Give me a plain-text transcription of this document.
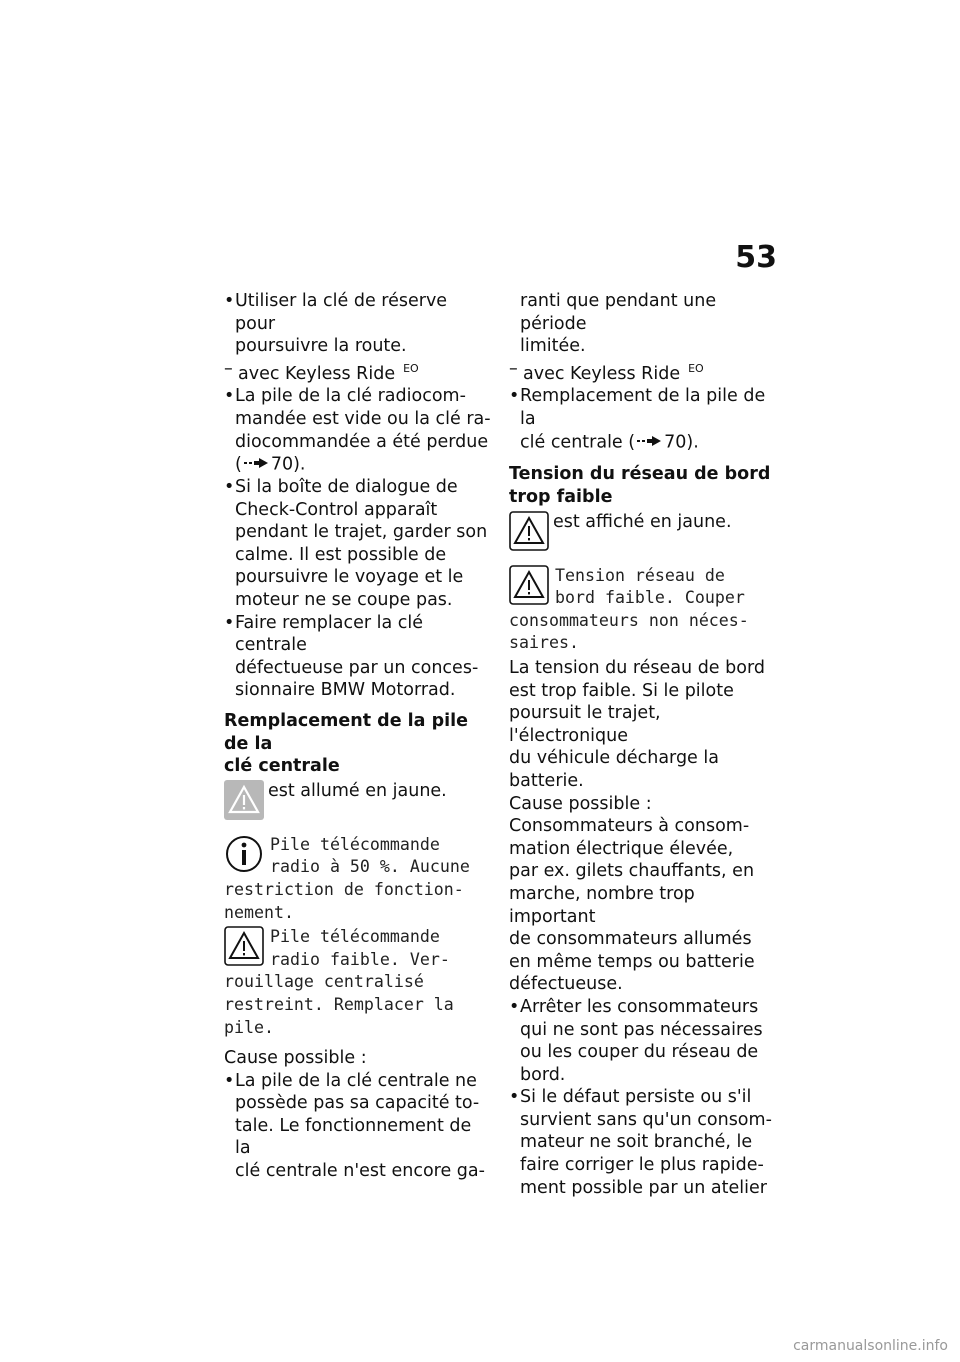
53
• Utiliser la clé de réserve pour
poursuivre la route.
– avec Keyless Ride $^{EO}$
• La pile de la clé radiocom-
mandée est vide ou la clé ra-
diocommandée a été perdue
( 70).
• Si la boîte de dialogue de
Check-Control apparaît
pendant le trajet, garder son
calme. Il est possible de
poursuivre le voyage et le
moteur ne se coupe pas.
• Faire remplacer la clé centrale
défectueuse par un conces-
sionnaire BMW Motorrad.
Remplacement de la pile de la
clé centrale
est allumé en jaune.
Pile télécommande
radio à 50 %. Aucune
restriction de fonction-
nement.
Pile télécommande
radio faible. Ver-
rouillage centralisé
restreint. Remplacer la
pile.
Cause possible :
• La pile de la clé centrale ne
possède pas sa capacité to-
tale. Le fonctionnement de la
clé centrale n'est encore ga-
ranti que pendant une période
limitée.
– avec Keyless Ride $^{EO}$
• Remplacement de la pile de la
clé centrale ( 70).
Tension du réseau de bord
trop faible
est affiché en jaune.
Tension réseau de
bord faible. Couper
consommateurs non néces-
saires.
La tension du réseau de bord
est trop faible. Si le pilote
poursuit le trajet, l'électronique
du véhicule décharge la
batterie.
Cause possible :
Consommateurs à consom-
mation électrique élevée,
par ex. gilets chauffants, en
marche, nombre trop important
de consommateurs allumés
en même temps ou batterie
défectueuse.
• Arrêter les consommateurs
qui ne sont pas nécessaires
ou les couper du réseau de
bord.
• Si le défaut persiste ou s'il
survient sans qu'un consom-
mateur ne soit branché, le
faire corriger le plus rapide-
ment possible par un atelier
carmanualsonline.info
